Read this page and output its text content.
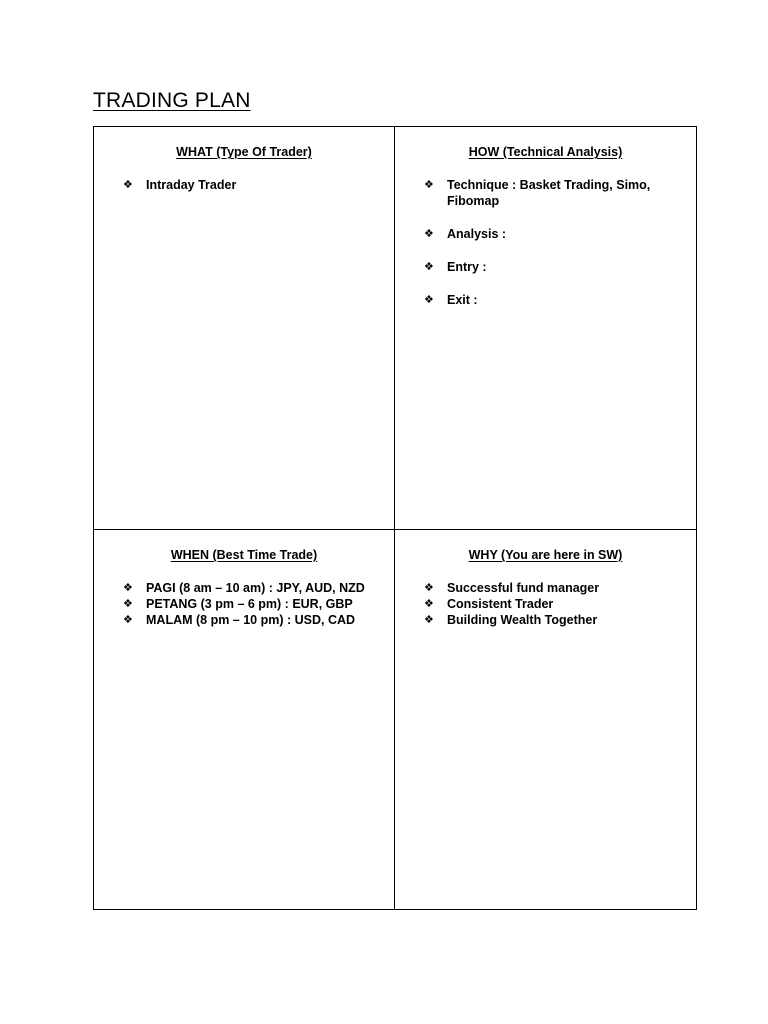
TRADING PLAN
WHAT (Type Of Trader)
❖ Intraday Trader
HOW (Technical Analysis)
❖ Technique : Basket Trading, Simo, Fibomap
❖ Analysis :
❖ Entry :
❖ Exit :
WHEN (Best Time Trade)
❖ PAGI (8 am – 10 am) : JPY, AUD, NZD
❖ PETANG (3 pm – 6 pm) : EUR, GBP
❖ MALAM (8 pm – 10 pm) : USD, CAD
WHY (You are here in SW)
❖ Successful fund manager
❖ Consistent Trader
❖ Building Wealth Together
